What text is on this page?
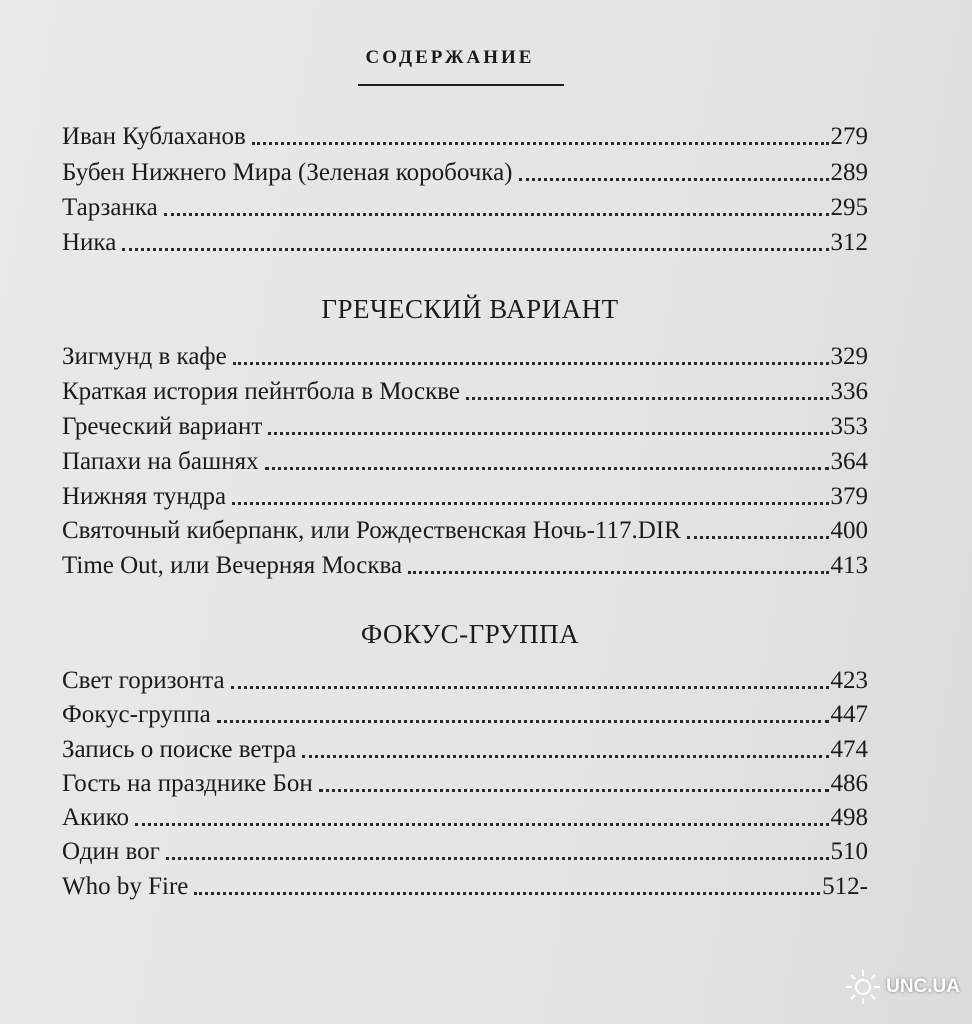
СОДЕРЖАНИЕ
Иван Кублаханов	279
Бубен Нижнего Мира (Зеленая коробочка)	289
Тарзанка	295
Ника	312
ГРЕЧЕСКИЙ ВАРИАНТ
Зигмунд в кафе	329
Краткая история пейнтбола в Москве	336
Греческий вариант	353
Папахи на башнях	364
Нижняя тундра	379
Святочный киберпанк, или Рождественская Ночь-117.DIR	400
Time Out, или Вечерняя Москва	413
ФОКУС-ГРУППА
Свет горизонта	423
Фокус-группа	447
Запись о поиске ветра	474
Гость на празднике Бон	486
Акико	498
Один вог	510
Who by Fire	512-
UNC.UA
